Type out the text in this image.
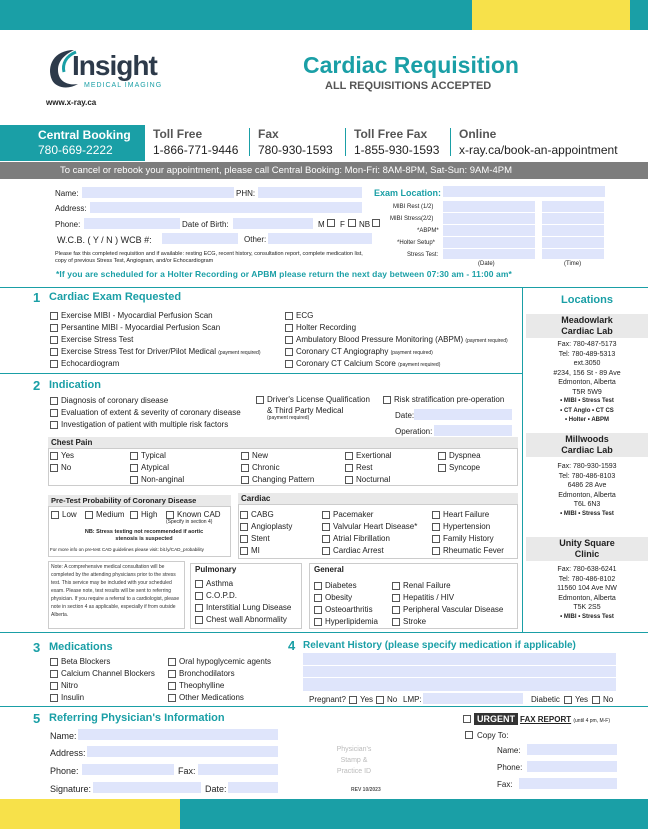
Insight
MEDICAL IMAGING
www.x-ray.ca
Cardiac Requisition
ALL REQUISITIONS ACCEPTED
Central Booking
780-669-2222
Toll Free
1-866-771-9446
Fax
780-930-1593
Toll Free Fax
1-855-930-1593
Online
x-ray.ca/book-an-appointment
To cancel or rebook your appointment, please call Central Booking: Mon-Fri: 8AM-8PM, Sat-Sun: 9AM-4PM
Name:	PHN:
Address:
Phone:	Date of Birth:	M F NB
W.C.B. ( Y / N ) WCB #:	Other:
Please fax this completed requisition and if available: resting ECG, recent history, consultation report, complete medication list, copy of previous Stress Test, Angiogram, and/or Echocardiogram
*If you are scheduled for a Holter Recording or APBM please return the next day between 07:30 am - 11:00 am*
Exam Location:
MIBI Rest (1/2)
MIBI Stress(2/2)
*ABPM*
*Holter Setup*
Stress Test:
(Date)	(Time)
1 Cardiac Exam Requested
Exercise MIBI - Myocardial Perfusion Scan
Persantine MIBI - Myocardial Perfusion Scan
Exercise Stress Test
Exercise Stress Test for Driver/Pilot Medical (payment required)
Echocardiogram
ECG
Holter Recording
Ambulatory Blood Pressure Monitoring (ABPM) (payment required)
Coronary CT Angiography (payment required)
Coronary CT Calcium Score (payment required)
2 Indication
Diagnosis of coronary disease
Evaluation of extent & severity of coronary disease
Investigation of patient with multiple risk factors
Driver's License Qualification
& Third Party Medical
(payment required)
Risk stratification pre-operation
Date:
Operation:
Chest Pain
Yes
No
Typical
Atypical
Non-anginal
New
Chronic
Changing Pattern
Exertional
Rest
Nocturnal
Dyspnea
Syncope
Pre-Test Probability of Coronary Disease
Low	Medium	High	Known CAD
(Specify in section 4)
NB: Stress testing not recommended if aortic stenosis is suspected
For more info on pre-test CAD guidelines please visit: bit.ly/CAD_probability
Note: A comprehensive medical consultation will be completed by the attending physicians prior to the stress test. This service may be included with your scheduled exam. Please note, test results will be sent to referring physician. If you require a referral to a cardiologist, please note in section 4 as applicable, especially if from outside Alberta.
Cardiac
CABG
Angioplasty
Stent
MI
Pacemaker
Valvular Heart Disease*
Atrial Fibrillation
Cardiac Arrest
Heart Failure
Hypertension
Family History
Rheumatic Fever
Pulmonary
Asthma
C.O.P.D.
Interstitial Lung Disease
Chest wall Abnormality
General
Diabetes
Obesity
Osteoarthritis
Hyperlipidemia
Renal Failure
Hepatitis / HIV
Peripheral Vascular Disease
Stroke
Locations
Meadowlark Cardiac Lab
Fax: 780-487-5173
Tel: 780-489-5313
ext.3050
#234, 156 St - 89 Ave
Edmonton, Alberta
T5R 5W9
• MIBI • Stress Test
• CT Anglo • CT CS
• Holter • ABPM
Millwoods Cardiac Lab
Fax: 780-930-1593
Tel: 780-486-8103
6486 28 Ave
Edmonton, Alberta
T6L 6N3
• MIBI • Stress Test
Unity Square Clinic
Fax: 780-638-6241
Tel: 780-486-8102
11560 104 Ave NW
Edmonton, Alberta
T5K 2S5
• MIBI • Stress Test
3 Medications
Beta Blockers
Calcium Channel Blockers
Nitro
Insulin
Oral hypoglycemic agents
Bronchodilators
Theophylline
Other Medications
4 Relevant History (please specify medication if applicable)
Pregnant?	Yes	No LMP:	Diabetic	Yes	No
5 Referring Physician's Information
Name:
Address:
Phone:	Fax:
Signature:	Date:
Physician's Stamp & Practice ID
REV 10/2023
URGENT FAX REPORT (until 4 pm, M-F)
Copy To:
Name:
Phone:
Fax:
